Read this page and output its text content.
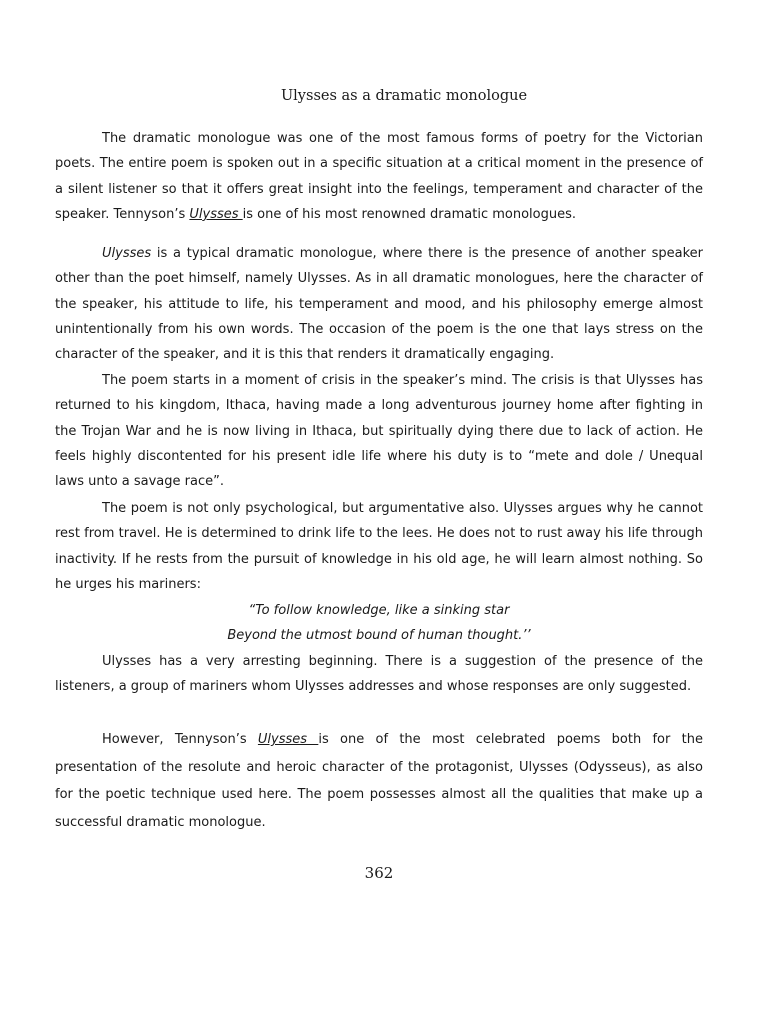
Ulysses as a dramatic monologue

The dramatic monologue was one of the most famous forms of poetry for the Victorian poets. The entire poem is spoken out in a specific situation at a critical moment in the presence of a silent listener so that it offers great insight into the feelings, temperament and character of the speaker. Tennyson’s Ulysses is one of his most renowned dramatic monologues.

Ulysses is a typical dramatic monologue, where there is the presence of another speaker other than the poet himself, namely Ulysses. As in all dramatic monologues, here the character of the speaker, his attitude to life, his temperament and mood, and his philosophy emerge almost unintentionally from his own words. The occasion of the poem is the one that lays stress on the character of the speaker, and it is this that renders it dramatically engaging.

The poem starts in a moment of crisis in the speaker’s mind. The crisis is that Ulysses has returned to his kingdom, Ithaca, having made a long adventurous journey home after fighting in the Trojan War and he is now living in Ithaca, but spiritually dying there due to lack of action. He feels highly discontented for his present idle life where his duty is to “mete and dole / Unequal laws unto a savage race”.

The poem is not only psychological, but argumentative also. Ulysses argues why he cannot rest from travel. He is determined to drink life to the lees. He does not to rust away his life through inactivity. If he rests from the pursuit of knowledge in his old age, he will learn almost nothing. So he urges his mariners:

“To follow knowledge, like a sinking star
Beyond the utmost bound of human thought.’’

Ulysses has a very arresting beginning. There is a suggestion of the presence of the listeners, a group of mariners whom Ulysses addresses and whose responses are only suggested.

However, Tennyson’s Ulysses is one of the most celebrated poems both for the presentation of the resolute and heroic character of the protagonist, Ulysses (Odysseus), as also for the poetic technique used here. The poem possesses almost all the qualities that make up a successful dramatic monologue.

362
